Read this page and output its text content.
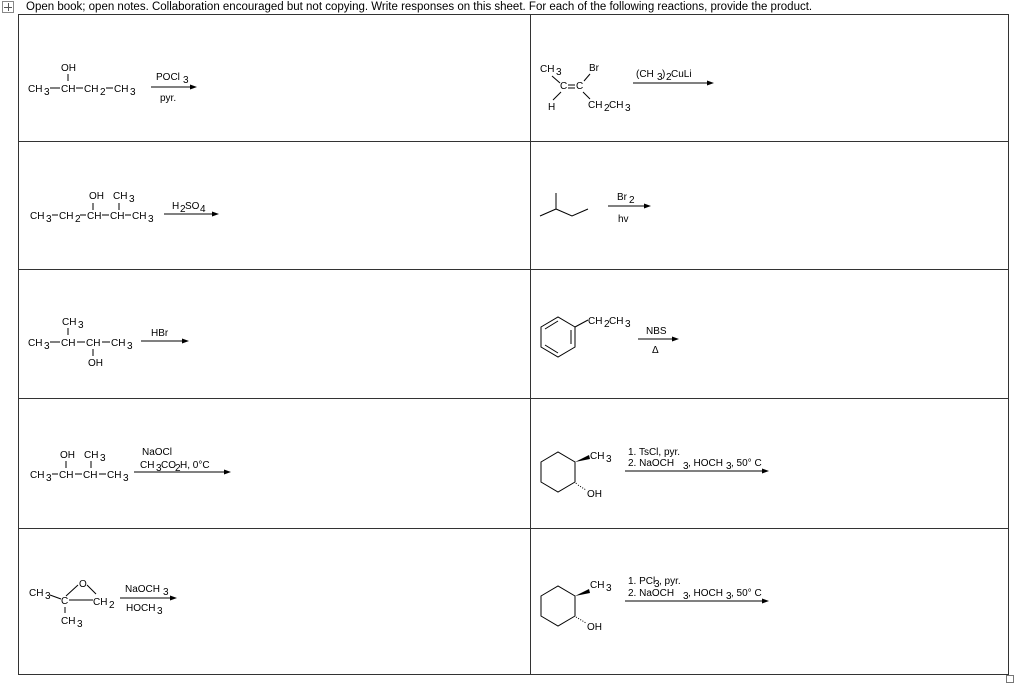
Open book; open notes. Collaboration encouraged but not copying. Write responses on this sheet. For each of the following reactions, provide the product.
OH
CH 3 CH CH 2 CH 3
POCl 3
pyr.
CH 3	Br
C C
H	CH 2 CH 3
(CH 3 ) 2 CuLi
OH CH 3
CH 3 CH 2 CH CH CH 3
H 2 SO 4
Br 2
hv
CH 3
CH 3 CH CH CH 3
OH
HBr
CH 2 CH 3
NBS
Δ
OH CH 3
CH 3 CH CH CH 3
NaOCl
CH 3 CO 2 H, 0°C
CH 3
OH
1. TsCl, pyr.
2. NaOCH 3 , HOCH 3 , 50° C
CH 3 C
O
CH 2
CH 3
NaOCH 3
HOCH 3
CH 3
OH
1. PCl
3 , pyr.
2. NaOCH 3 , HOCH 3 , 50° C
